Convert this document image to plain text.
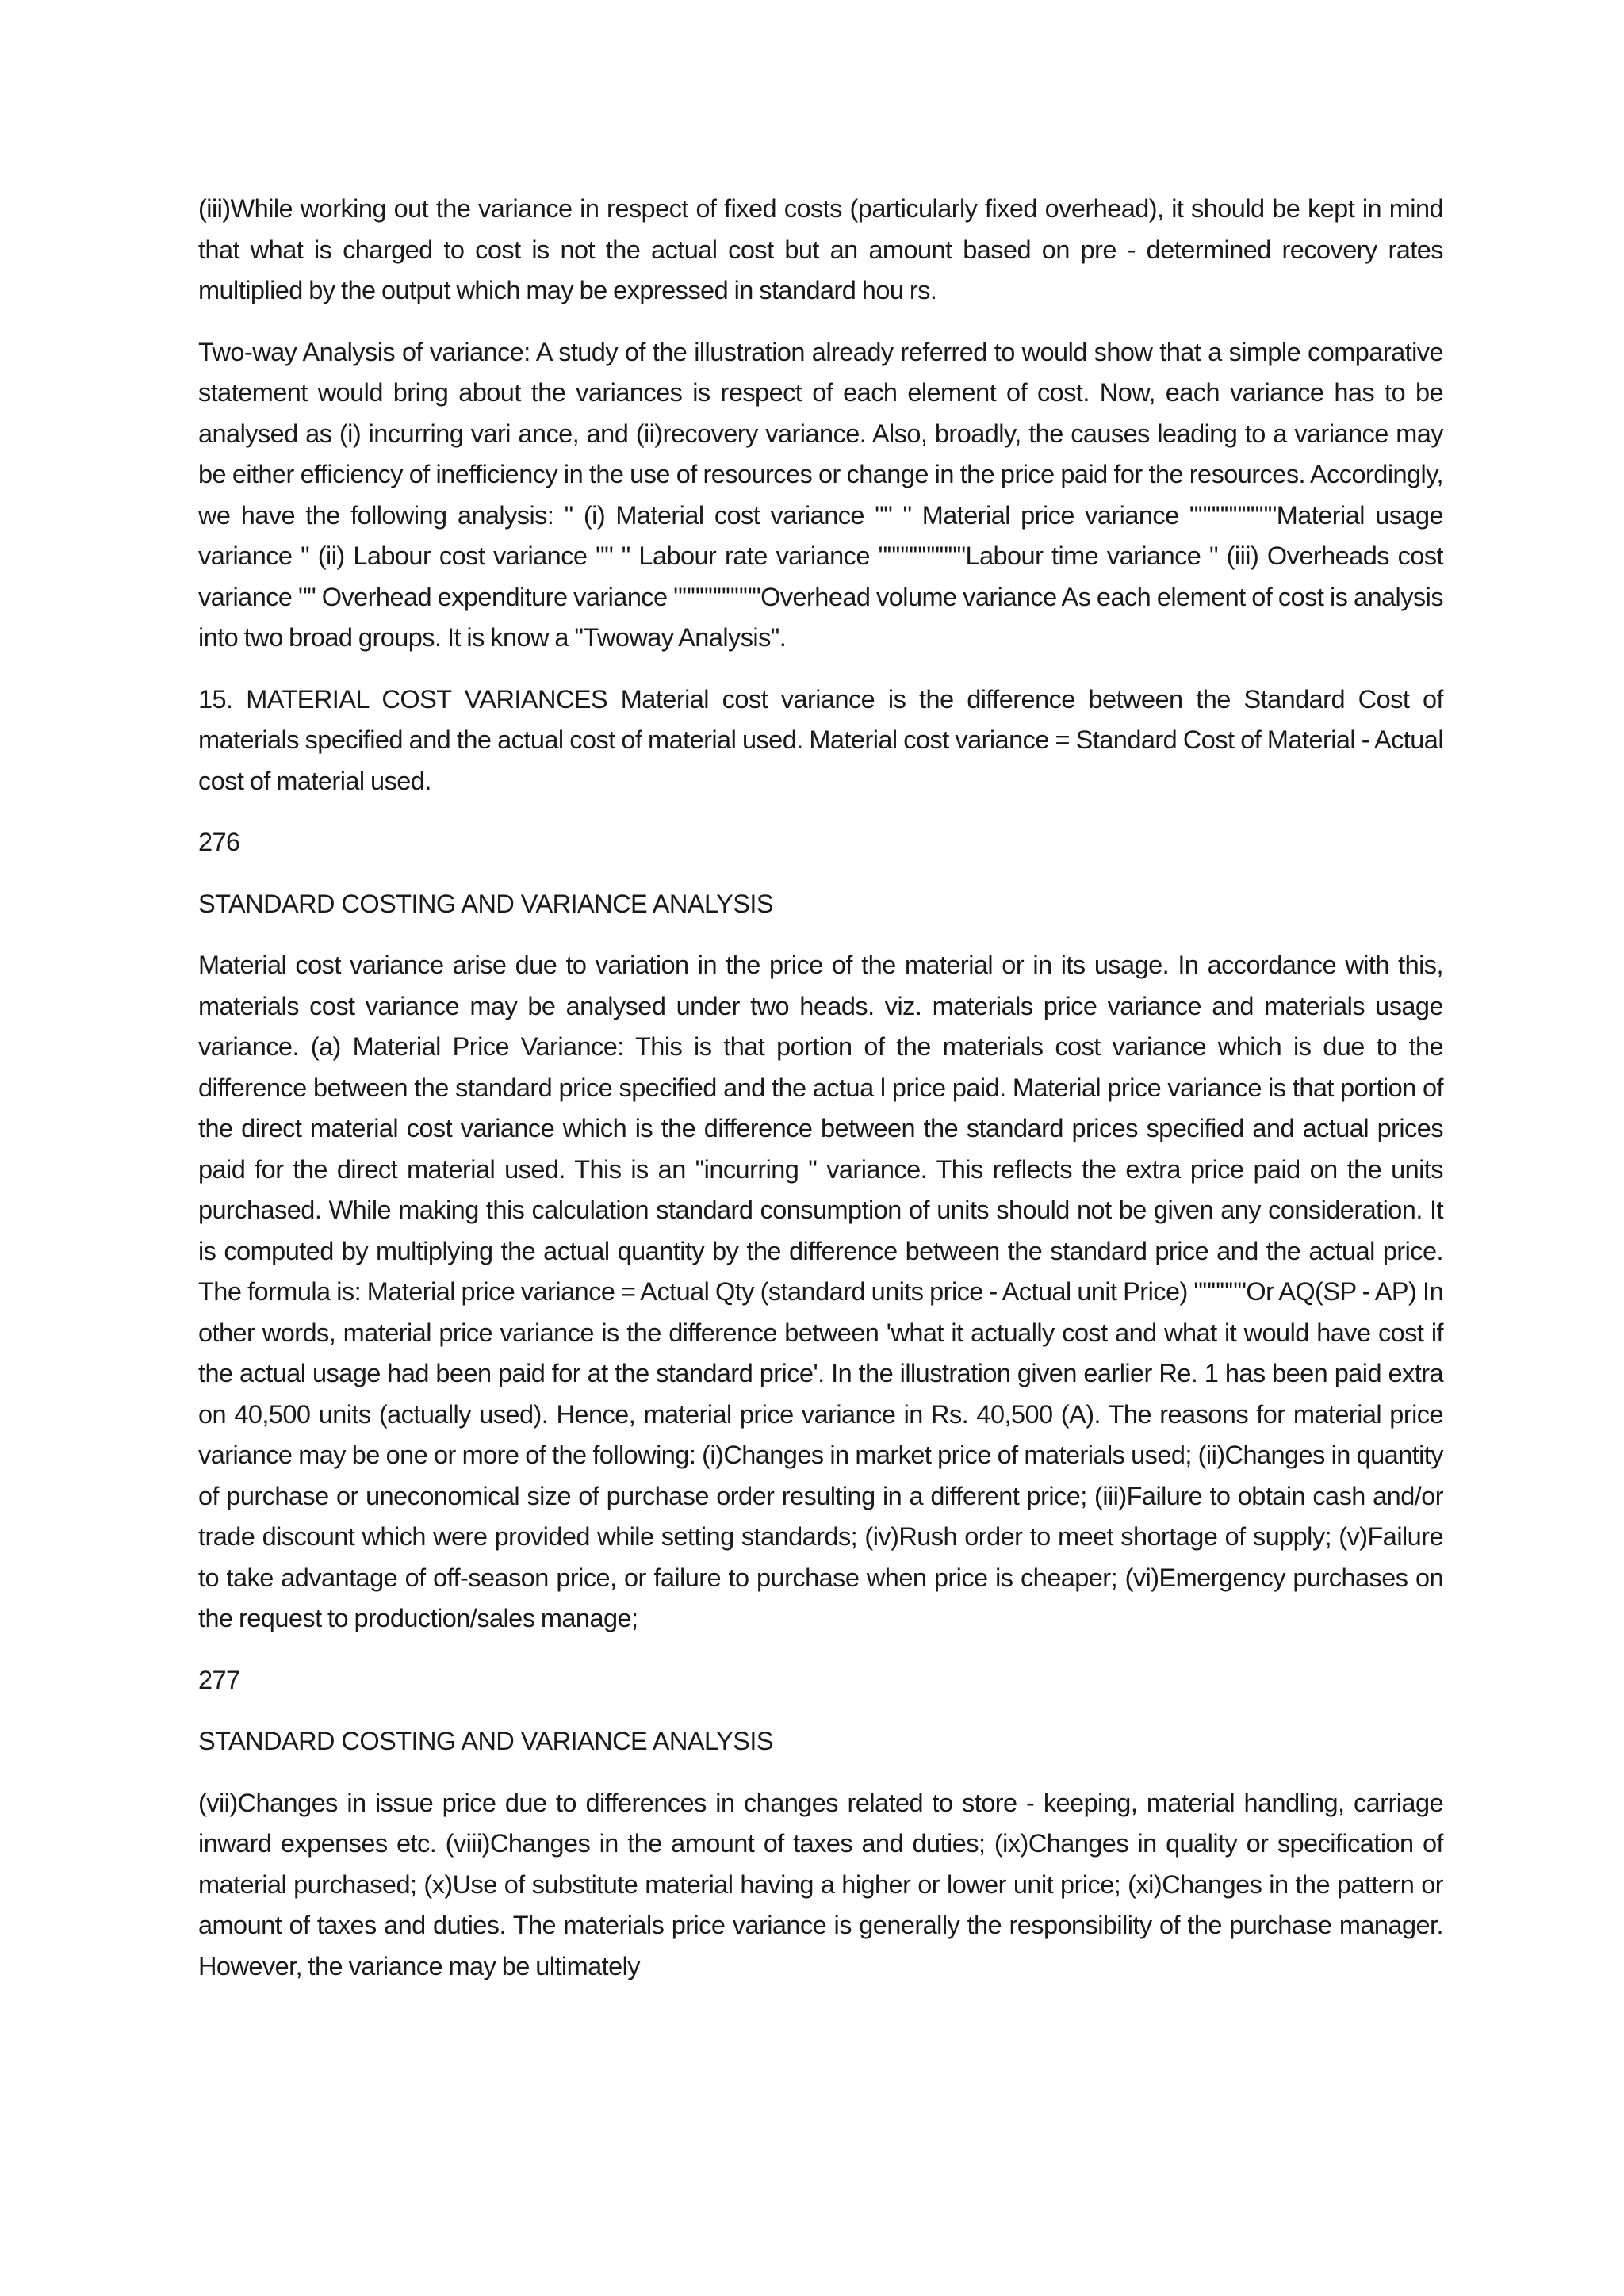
(iii)While working out the variance in respect of fixed costs (particularly fixed overhead), it should be kept in mind that what is charged to cost is not the actual cost but an amount based on pre - determined recovery rates multiplied by the output which may be expressed in standard hou rs.

Two-way Analysis of variance: A study of the illustration already referred to would show that a simple comparative statement would bring about the variances is respect of each element of cost. Now, each variance has to be analysed as (i) incurring vari ance, and (ii)recovery variance. Also, broadly, the causes leading to a variance may be either efficiency of inefficiency in the use of resources or change in the price paid for the resources. Accordingly, we have the following analysis: " (i) Material cost variance "" " Material price variance """"""""""Material usage variance " (ii) Labour cost variance "" " Labour rate variance """"""""""Labour time variance " (iii) Overheads cost variance "" Overhead expenditure variance """"""""""Overhead volume variance As each element of cost is analysis into two broad groups. It is know a "Twoway Analysis".

15. MATERIAL COST VARIANCES Material cost variance is the difference between the Standard Cost of materials specified and the actual cost of material used. Material cost variance = Standard Cost of Material - Actual cost of material used.

276

STANDARD COSTING AND VARIANCE ANALYSIS

Material cost variance arise due to variation in the price of the material or in its usage. In accordance with this, materials cost variance may be analysed under two heads. viz. materials price variance and materials usage variance. (a) Material Price Variance: This is that portion of the materials cost variance which is due to the difference between the standard price specified and the actua l price paid. Material price variance is that portion of the direct material cost variance which is the difference between the standard prices specified and actual prices paid for the direct material used. This is an "incurring " variance. This reflects the extra price paid on the units purchased. While making this calculation standard consumption of units should not be given any consideration. It is computed by multiplying the actual quantity by the difference between the standard price and the actual price. The formula is: Material price variance = Actual Qty (standard units price - Actual unit Price) """"""Or AQ(SP - AP) In other words, material price variance is the difference between 'what it actually cost and what it would have cost if the actual usage had been paid for at the standard price'. In the illustration given earlier Re. 1 has been paid extra on 40,500 units (actually used). Hence, material price variance in Rs. 40,500 (A). The reasons for material price variance may be one or more of the following: (i)Changes in market price of materials used; (ii)Changes in quantity of purchase or uneconomical size of purchase order resulting in a different price; (iii)Failure to obtain cash and/or trade discount which were provided while setting standards; (iv)Rush order to meet shortage of supply; (v)Failure to take advantage of off-season price, or failure to purchase when price is cheaper; (vi)Emergency purchases on the request to production/sales manage;

277

STANDARD COSTING AND VARIANCE ANALYSIS

(vii)Changes in issue price due to differences in changes related to store - keeping, material handling, carriage inward expenses etc. (viii)Changes in the amount of taxes and duties; (ix)Changes in quality or specification of material purchased; (x)Use of substitute material having a higher or lower unit price; (xi)Changes in the pattern or amount of taxes and duties. The materials price variance is generally the responsibility of the purchase manager. However, the variance may be ultimately
